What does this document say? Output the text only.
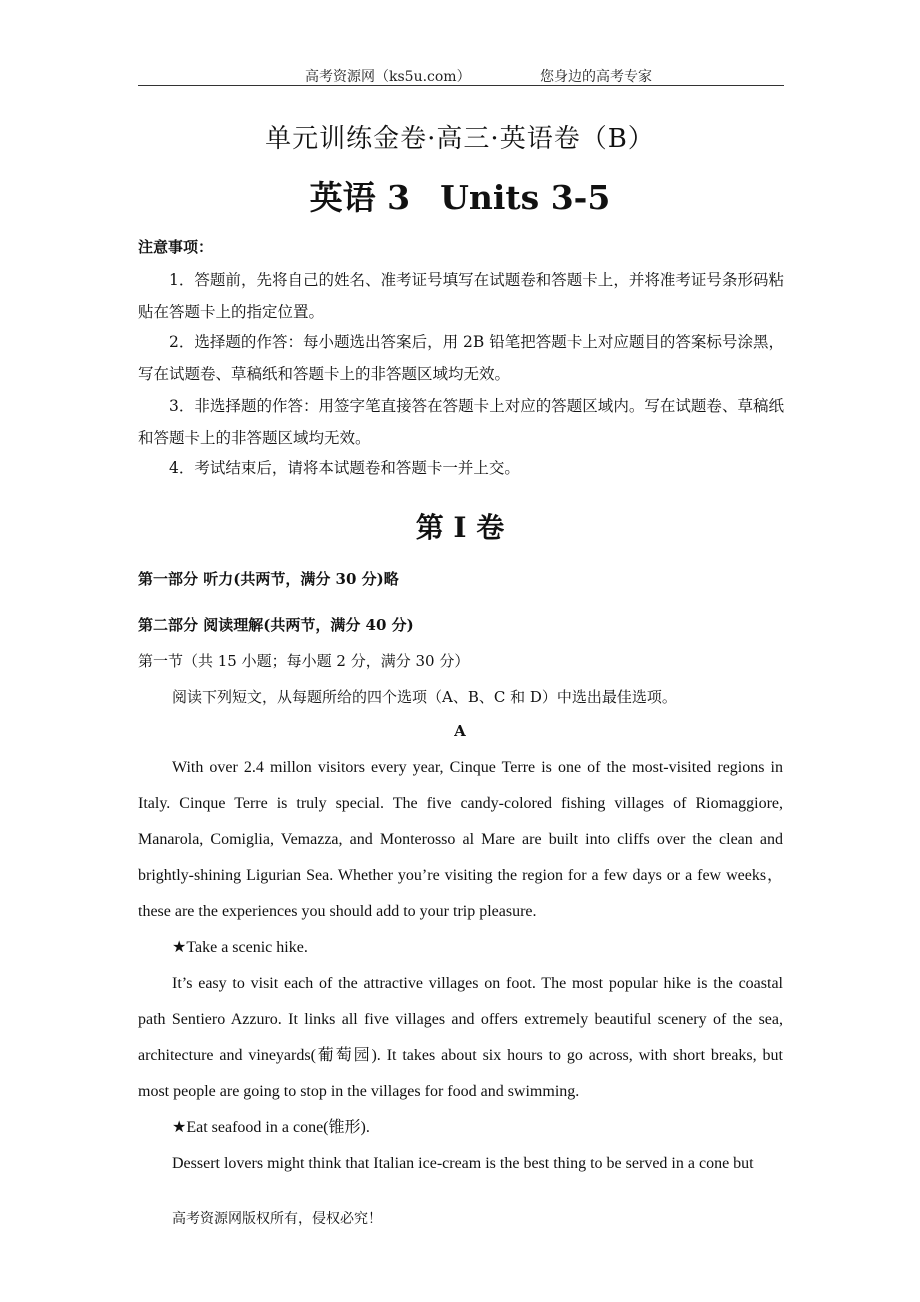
高考资源网（ks5u.com）	您身边的高考专家
单元训练金卷·高三·英语卷（B）
英语 3 Units 3-5
注意事项：
1．答题前，先将自己的姓名、准考证号填写在试题卷和答题卡上，并将准考证号条形码粘贴在答题卡上的指定位置。
2．选择题的作答：每小题选出答案后，用 2B 铅笔把答题卡上对应题目的答案标号涂黑，写在试题卷、草稿纸和答题卡上的非答题区域均无效。
3．非选择题的作答：用签字笔直接答在答题卡上对应的答题区域内。写在试题卷、草稿纸和答题卡上的非答题区域均无效。
4．考试结束后，请将本试题卷和答题卡一并上交。
第 I 卷
第一部分 听力(共两节，满分 30 分)略
第二部分 阅读理解(共两节，满分 40 分)
第一节（共 15 小题；每小题 2 分，满分 30 分）
阅读下列短文，从每题所给的四个选项（A、B、C 和 D）中选出最佳选项。
A
With over 2.4 millon visitors every year, Cinque Terre is one of the most-visited regions in Italy. Cinque Terre is truly special. The five candy-colored fishing villages of Riomaggiore, Manarola, Comiglia, Vemazza, and Monterosso al Mare are built into cliffs over the clean and brightly-shining Ligurian Sea. Whether you’re visiting the region for a few days or a few weeks，these are the experiences you should add to your trip pleasure.
★Take a scenic hike.
It’s easy to visit each of the attractive villages on foot. The most popular hike is the coastal path Sentiero Azzuro. It links all five villages and offers extremely beautiful scenery of the sea, architecture and vineyards(葡萄园). It takes about six hours to go across, with short breaks, but most people are going to stop in the villages for food and swimming.
★Eat seafood in a cone(锥形).
Dessert lovers might think that Italian ice-cream is the best thing to be served in a cone but
高考资源网版权所有，侵权必究！
